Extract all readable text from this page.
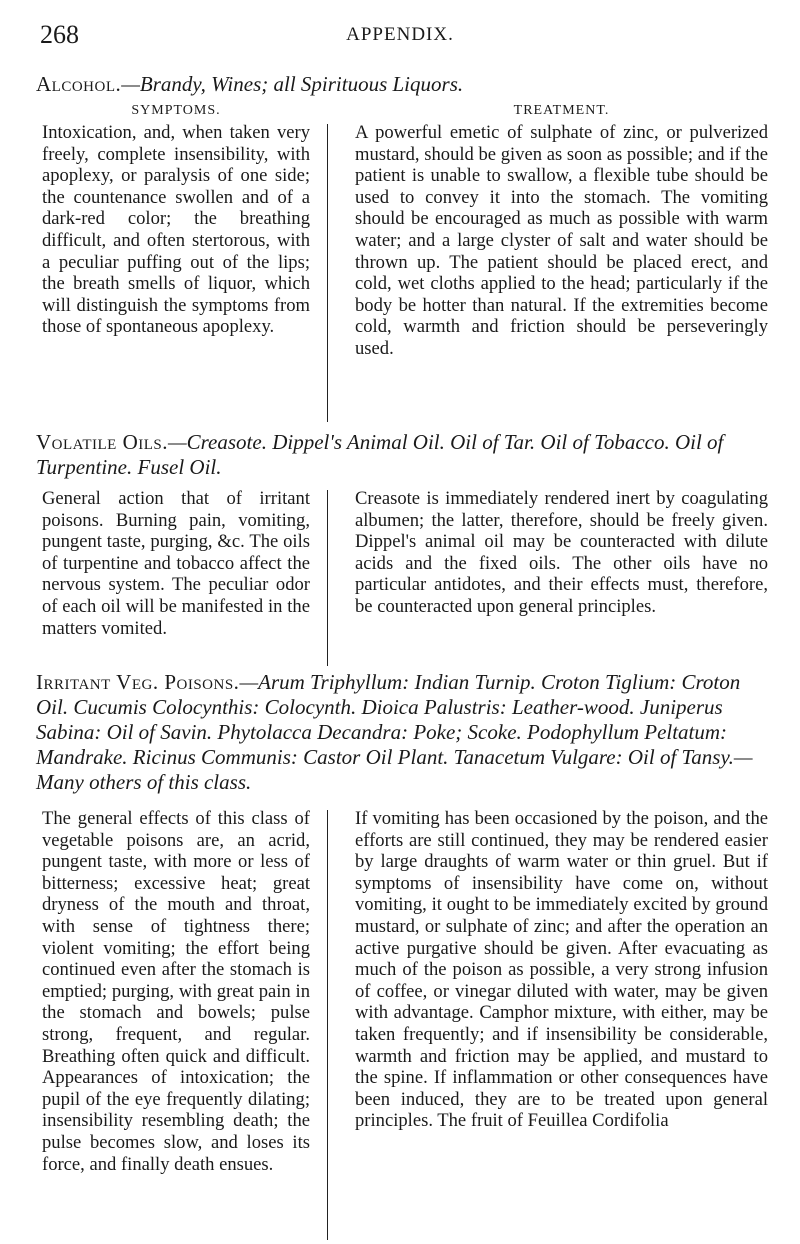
268	APPENDIX.
Alcohol.—Brandy, Wines; all Spirituous Liquors.
SYMPTOMS.	TREATMENT.

Intoxication, and, when taken very freely, complete insensibility, with apoplexy, or paralysis of one side; the countenance swollen and of a dark-red color; the breathing difficult, and often stertorous, with a peculiar puffing out of the lips; the breath smells of liquor, which will distinguish the symptoms from those of spontaneous apoplexy.

A powerful emetic of sulphate of zinc, or pulverized mustard, should be given as soon as possible; and if the patient is unable to swallow, a flexible tube should be used to convey it into the stomach. The vomiting should be encouraged as much as possible with warm water; and a large clyster of salt and water should be thrown up. The patient should be placed erect, and cold, wet cloths applied to the head; particularly if the body be hotter than natural. If the extremities become cold, warmth and friction should be perseveringly used.

Volatile Oils.—Creasote. Dippel's Animal Oil. Oil of Tar. Oil of Tobacco. Oil of Turpentine. Fusel Oil.

General action that of irritant poisons. Burning pain, vomiting, pungent taste, purging, &c. The oils of turpentine and tobacco affect the nervous system. The peculiar odor of each oil will be manifested in the matters vomited.

Creasote is immediately rendered inert by coagulating albumen; the latter, therefore, should be freely given. Dippel's animal oil may be counteracted with dilute acids and the fixed oils. The other oils have no particular antidotes, and their effects must, therefore, be counteracted upon general principles.

Irritant Veg. Poisons.—Arum Triphyllum: Indian Turnip. Croton Tiglium: Croton Oil. Cucumis Colocynthis: Colocynth. Dioica Palustris: Leather-wood. Juniperus Sabina: Oil of Savin. Phytolacca Decandra: Poke; Scoke. Podophyllum Peltatum: Mandrake. Ricinus Communis: Castor Oil Plant. Tanacetum Vulgare: Oil of Tansy.— Many others of this class.

The general effects of this class of vegetable poisons are, an acrid, pungent taste, with more or less of bitterness; excessive heat; great dryness of the mouth and throat, with sense of tightness there; violent vomiting; the effort being continued even after the stomach is emptied; purging, with great pain in the stomach and bowels; pulse strong, frequent, and regular. Breathing often quick and difficult. Appearances of intoxication; the pupil of the eye frequently dilating; insensibility resembling death; the pulse becomes slow, and loses its force, and finally death ensues.

If vomiting has been occasioned by the poison, and the efforts are still continued, they may be rendered easier by large draughts of warm water or thin gruel. But if symptoms of insensibility have come on, without vomiting, it ought to be immediately excited by ground mustard, or sulphate of zinc; and after the operation an active purgative should be given. After evacuating as much of the poison as possible, a very strong infusion of coffee, or vinegar diluted with water, may be given with advantage. Camphor mixture, with either, may be taken frequently; and if insensibility be considerable, warmth and friction may be applied, and mustard to the spine. If inflammation or other consequences have been induced, they are to be treated upon general principles. The fruit of Feuillea Cordifolia
